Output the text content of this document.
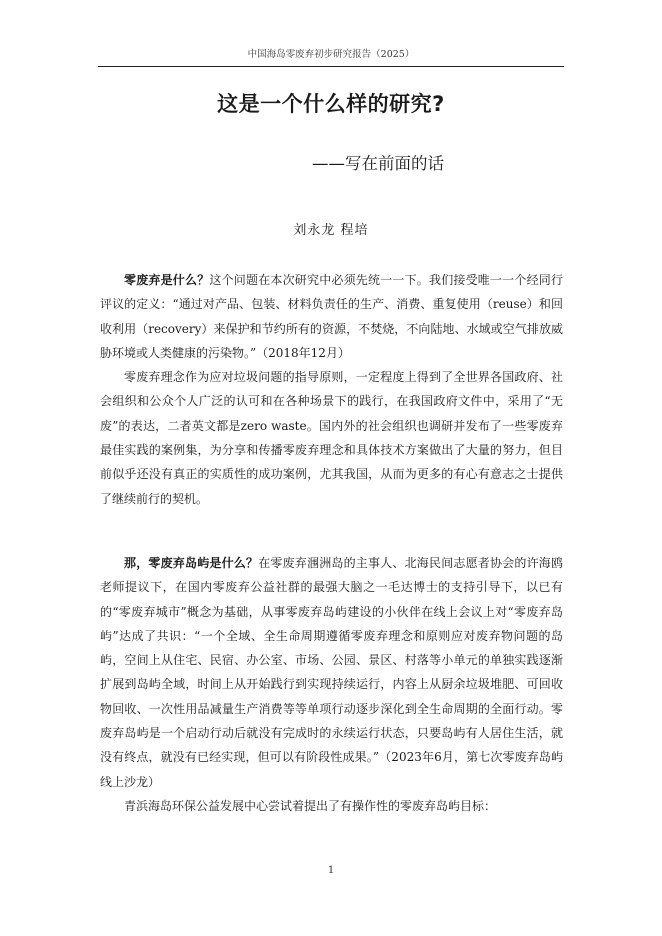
中国海岛零废弃初步研究报告（2025）
这是一个什么样的研究?
——写在前面的话
刘永龙 程培

零废弃是什么？这个问题在本次研究中必须先统一一下。我们接受唯一一个经同行评议的定义：“通过对产品、包装、材料负责任的生产、消费、重复使用（reuse）和回收利用（recovery）来保护和节约所有的资源，不焚烧，不向陆地、水域或空气排放威胁环境或人类健康的污染物。”（2018年12月）

零废弃理念作为应对垃圾问题的指导原则，一定程度上得到了全世界各国政府、社会组织和公众个人广泛的认可和在各种场景下的践行，在我国政府文件中，采用了“无废”的表达，二者英文都是zero waste。国内外的社会组织也调研并发布了一些零废弃最佳实践的案例集，为分享和传播零废弃理念和具体技术方案做出了大量的努力，但目前似乎还没有真正的实质性的成功案例，尤其我国，从而为更多的有心有意志之士提供了继续前行的契机。

那，零废弃岛屿是什么？在零废弃涠洲岛的主事人、北海民间志愿者协会的许海鸥老师提议下，在国内零废弃公益社群的最强大脑之一毛达博士的支持引导下，以已有的“零废弃城市”概念为基础，从事零废弃岛屿建设的小伙伴在线上会议上对“零废弃岛屿”达成了共识：“一个全域、全生命周期遵循零废弃理念和原则应对废弃物问题的岛屿，空间上从住宅、民宿、办公室、市场、公园、景区、村落等小单元的单独实践逐渐扩展到岛屿全域，时间上从开始践行到实现持续运行，内容上从厨余垃圾堆肥、可回收物回收、一次性用品减量生产消费等等单项行动逐步深化到全生命周期的全面行动。零废弃岛屿是一个启动行动后就没有完成时的永续运行状态，只要岛屿有人居住生活，就没有终点，就没有已经实现，但可以有阶段性成果。”（2023年6月，第七次零废弃岛屿线上沙龙）

青浜海岛环保公益发展中心尝试着提出了有操作性的零废弃岛屿目标：

1
